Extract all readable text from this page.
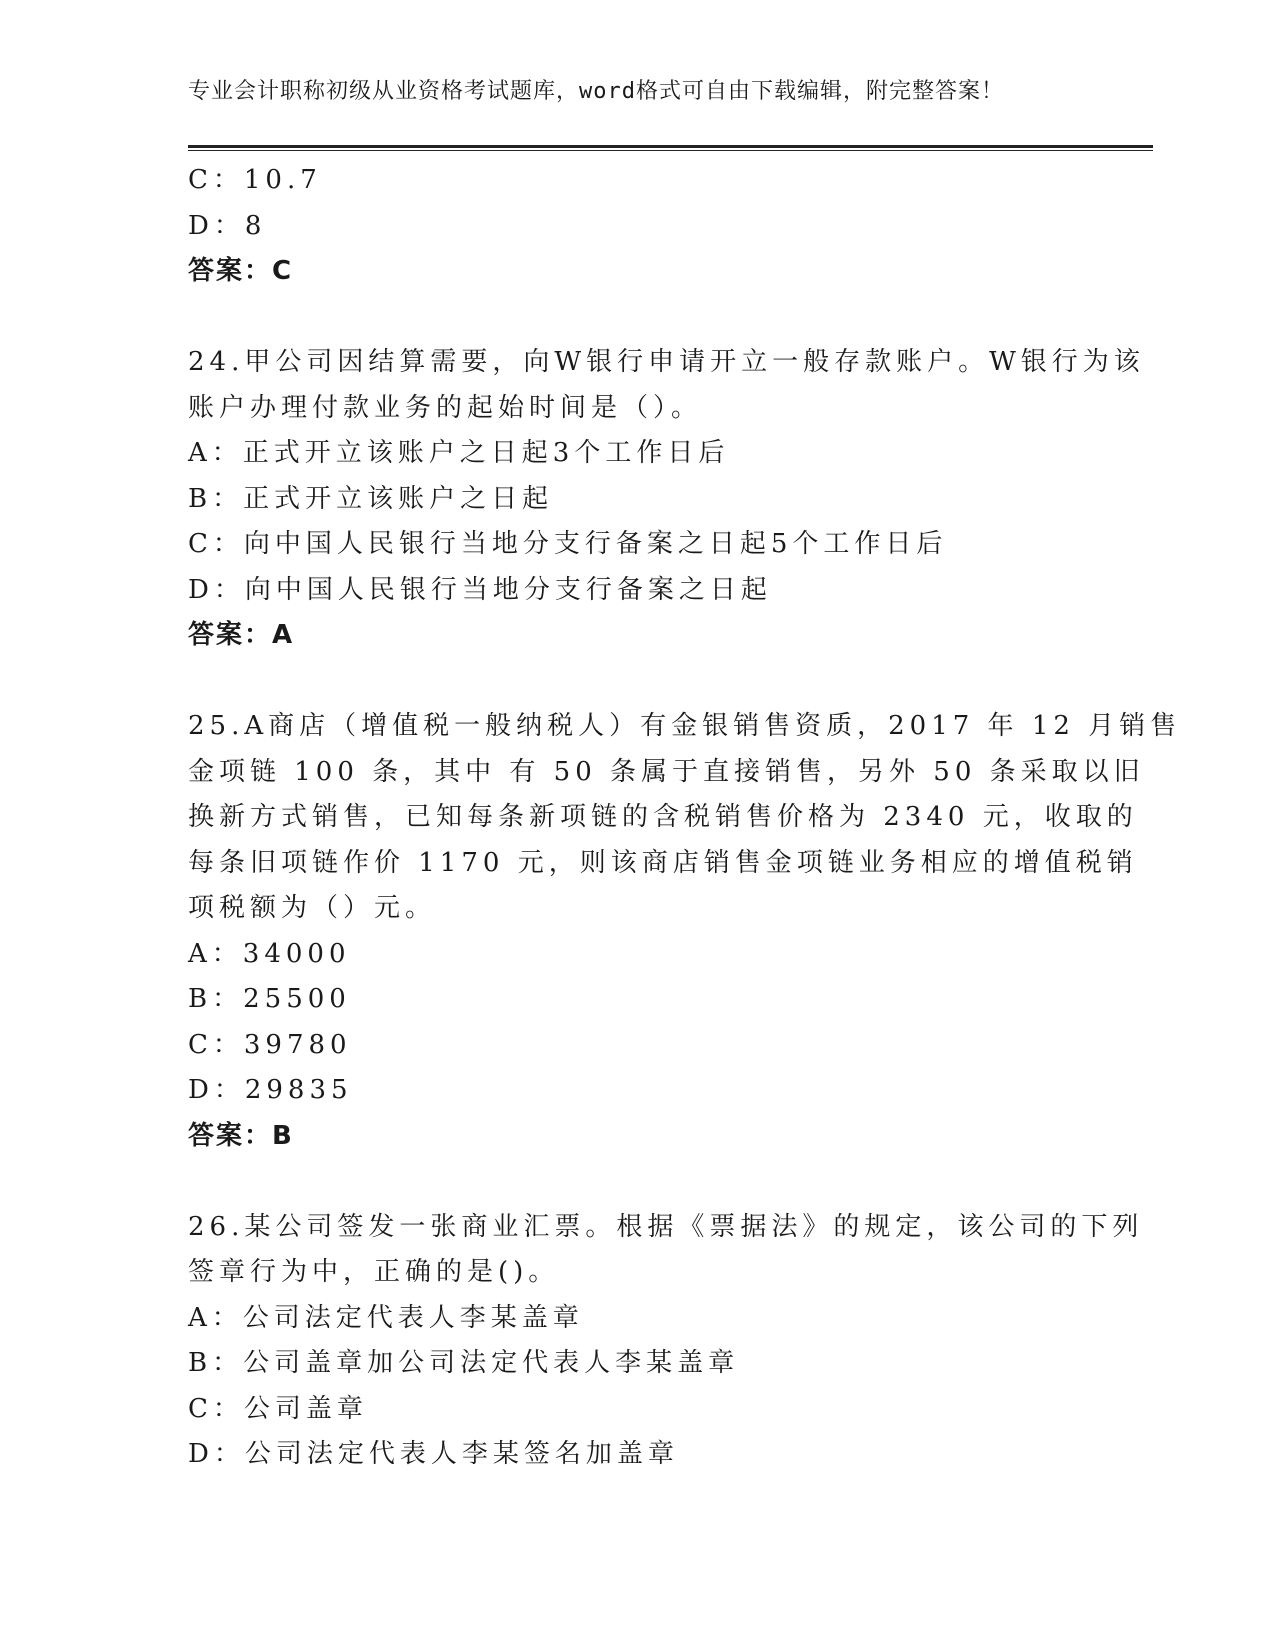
专业会计职称初级从业资格考试题库，word格式可自由下载编辑，附完整答案！
C：10.7
D：8
答案：C
24.甲公司因结算需要，向W银行申请开立一般存款账户。W银行为该
账户办理付款业务的起始时间是（）。
A：正式开立该账户之日起3个工作日后
B：正式开立该账户之日起
C：向中国人民银行当地分支行备案之日起5个工作日后
D：向中国人民银行当地分支行备案之日起
答案：A
25.A商店（增值税一般纳税人）有金银销售资质，2017 年 12 月销售
金项链 100 条，其中 有 50 条属于直接销售，另外 50 条采取以旧
换新方式销售，已知每条新项链的含税销售价格为 2340 元，收取的
每条旧项链作价 1170 元，则该商店销售金项链业务相应的增值税销
项税额为（）元。
A：34000
B：25500
C：39780
D：29835
答案：B
26.某公司签发一张商业汇票。根据《票据法》的规定，该公司的下列
签章行为中，正确的是()。
A：公司法定代表人李某盖章
B：公司盖章加公司法定代表人李某盖章
C：公司盖章
D：公司法定代表人李某签名加盖章
